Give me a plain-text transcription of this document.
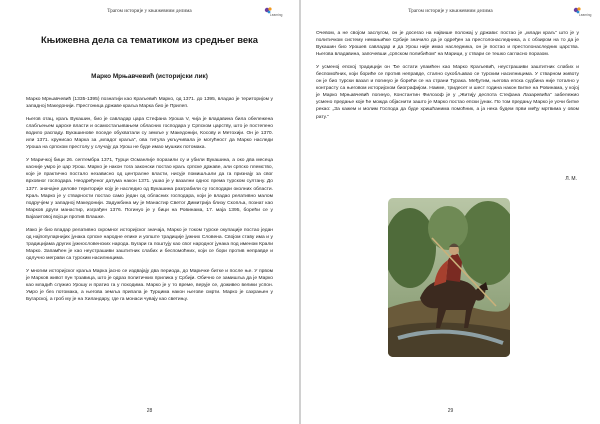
Трагом историје у књижевним делима
Learning
Књижевна дела са тематиком из средњег века
Марко Мрњавчевић (историјски лик)

Марко Мрњавчевић (1335-1395) познатији као Краљевић Марко, од 1371. до 1395, владао је територијом у западној Македонији. Престоница државе краља Марка био је Прилеп.

Његов отац, краљ Вукашин, био је савладар цара Стефана Уроша V, чија је владавина била обележена слабљењем царске власти и осамостаљивањем обласних господара у Српском царству, што је постепено водило распаду. Вукашинове поседе обухватали су земље у Македонији, Косову и Метохији. Он је 1370. или 1371. крунисао Марка за „младог краља“, ова титула укључивала је могућност да Марко наследи Уроша на српском престолу у случају да Урош не буде имао мушких потомака.

У Маричкој бици 26. септембра 1371, Турци Османлије поразили су и убили Вукашина, а око два месеца касније умро је цар Урош. Марко је након тога законски постао краљ српске државе, али српско племство, које је практично постало независно од централне власти, нисује помишљали да га признају за свог врховног господара. Неодређеног датума након 1371. ушао је у вазални однос према турском султану. До 1377. значајне делове територије коју је наследио од Вукашина разграбили су господари околних области. Краљ Марко је у стварности постао само један од обласних господара, који је владао релативно малом подручјем у западној Македонији. Задужбина му је Манастир Светог Димитрија близу Скопља, познат као Марков други манастир, изграђен 1376. Погинуо је у бици на Ровинама, 17. маја 1395, борећи се у Бајазитовој војсци против Влашке.

Иако је био владар релативно скромног историјског значаја, Марко је током турске окупације постао један од најпопуларнијих јунака српске народне епике и уопште традиције јужних Словена. Својом ставу има и у традицијама других јужнословенских народа. Бугари га поштују као свог народног јунака под именом Крали Марко. Запамћен је као неустрашиви заштитник слабих и беспомоћних, који се бори против неправде и одлучно меграви са турским насилницима.

У многим историјског краља Марка јасно се издвајају два периода, до Маричке битке и после ње. У првом је Марков живот пун трзавица, што је одраз политичких прилика у Србији. Обично се замишља да је Марко као младић служио Урошу и пратио га у походима. Марко је у то време, верује се, доживео велики успон. Умро је без потомака, а његова земља припала је Турцима након његове смрти. Марко је сахрањен у Бугарској, а гроб му је на Хиландару, где га монаси чувају као светињу.

28
Трагом историје у књижевним делима
Learning

Очевом, а не својом заслугом, он је досегао на највише положај у држави: постао је „млади краљ“ што је у политичком систему немањићке Србије значило да је одређен за престолонаследника, а с обзиром на то да је Вукашин био Урошев савладар и да Урош није имао наследника, он је постао и престолонаследник царства. Његова владавина, започевши „српском полибићом“ на Марици, у ствари се тешко сагласно поразом.

У усменој епској традицији он Ђе остати упамћен као Марко Краљевић, неустрашиви заштитник слабих и беспомоћних, који бориће се против неправде, стално сукобљавао се турским насилницима. У стварном животу он је био турски вазал и погинуо је борећи се на страни Турака. Међутим, његова епска судбина није тотално у контрасту са његовом историјском биографијом. Наиме, тридесет и шест година након Битке на Ровинама, у којој је Марко Мрњавчевић погинуо, Константин Филозоф је у „Житију деспота Стефана Лазаревића“ забележио усмено предање које ће можда објаснити зашто је Марко постао епски јунак. По том предању Марко је уочи битке рекао: „За кажем и молим Господа да буде хришћанима помоћник, а ја нека будем први међу мртвима у овом рату.“

Л. М.
29
